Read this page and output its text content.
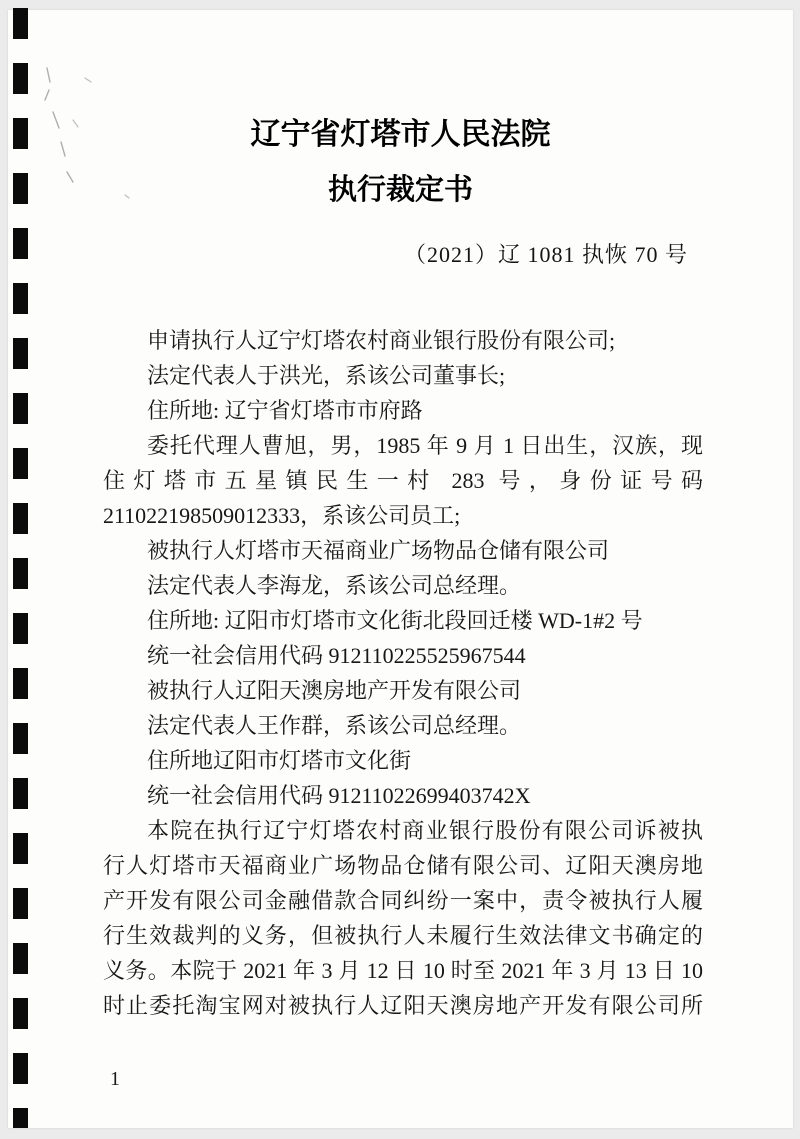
辽宁省灯塔市人民法院
执行裁定书
（2021）辽 1081 执恢 70 号
申请执行人辽宁灯塔农村商业银行股份有限公司;
法定代表人于洪光，系该公司董事长;
住所地: 辽宁省灯塔市市府路
委托代理人曹旭，男，1985 年 9 月 1 日出生，汉族，现
住灯塔市五星镇民生一村 283 号，身份证号码
211022198509012333，系该公司员工;
被执行人灯塔市天福商业广场物品仓储有限公司
法定代表人李海龙，系该公司总经理。
住所地: 辽阳市灯塔市文化街北段回迁楼 WD-1#2 号
统一社会信用代码 912110225525967544
被执行人辽阳天澳房地产开发有限公司
法定代表人王作群，系该公司总经理。
住所地辽阳市灯塔市文化街
统一社会信用代码 91211022699403742X
本院在执行辽宁灯塔农村商业银行股份有限公司诉被执
行人灯塔市天福商业广场物品仓储有限公司、辽阳天澳房地
产开发有限公司金融借款合同纠纷一案中，责令被执行人履
行生效裁判的义务，但被执行人未履行生效法律文书确定的
义务。本院于 2021 年 3 月 12 日 10 时至 2021 年 3 月 13 日 10
时止委托淘宝网对被执行人辽阳天澳房地产开发有限公司所
1
